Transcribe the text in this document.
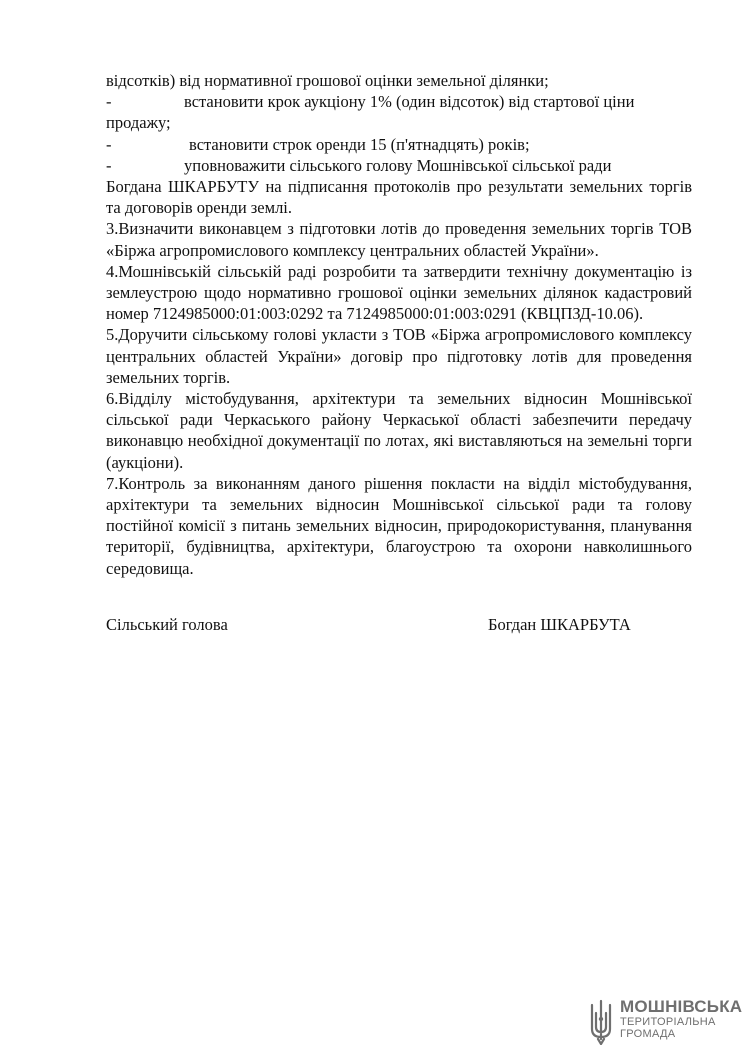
відсотків) від нормативної грошової оцінки земельної ділянки;

-	встановити крок аукціону 1% (один відсоток) від стартової ціни

продажу;

-	встановити строк оренди 15 (п'ятнадцять) років;
-	уповноважити сільського голову Мошнівської сільської ради

Богдана ШКАРБУТУ на підписання протоколів про результати земельних торгів та договорів оренди землі.

3.Визначити виконавцем з підготовки лотів до проведення земельних торгів ТОВ «Біржа агропромислового комплексу центральних областей України».

4.Мошнівській сільській раді розробити та затвердити технічну документацію із землеустрою щодо нормативно грошової оцінки земельних ділянок кадастровий номер 7124985000:01:003:0292 та 7124985000:01:003:0291 (КВЦПЗД-10.06).

5.Доручити сільському голові укласти з ТОВ «Біржа агропромислового комплексу центральних областей України» договір про підготовку лотів для проведення земельних торгів.

6.Відділу містобудування, архітектури та земельних відносин Мошнівської сільської ради Черкаського району Черкаської області забезпечити передачу виконавцю необхідної документації по лотах, які виставляються на земельні торги (аукціони).

7.Контроль за виконанням даного рішення покласти на відділ містобудування, архітектури та земельних відносин Мошнівської сільської ради та голову постійної комісії з питань земельних відносин, природокористування, планування території, будівництва, архітектури, благоустрою та охорони навколишнього середовища.

Сільський голова	Богдан ШКАРБУТА
МОШНІВСЬКА
ТЕРИТОРІАЛЬНА
ГРОМАДА
